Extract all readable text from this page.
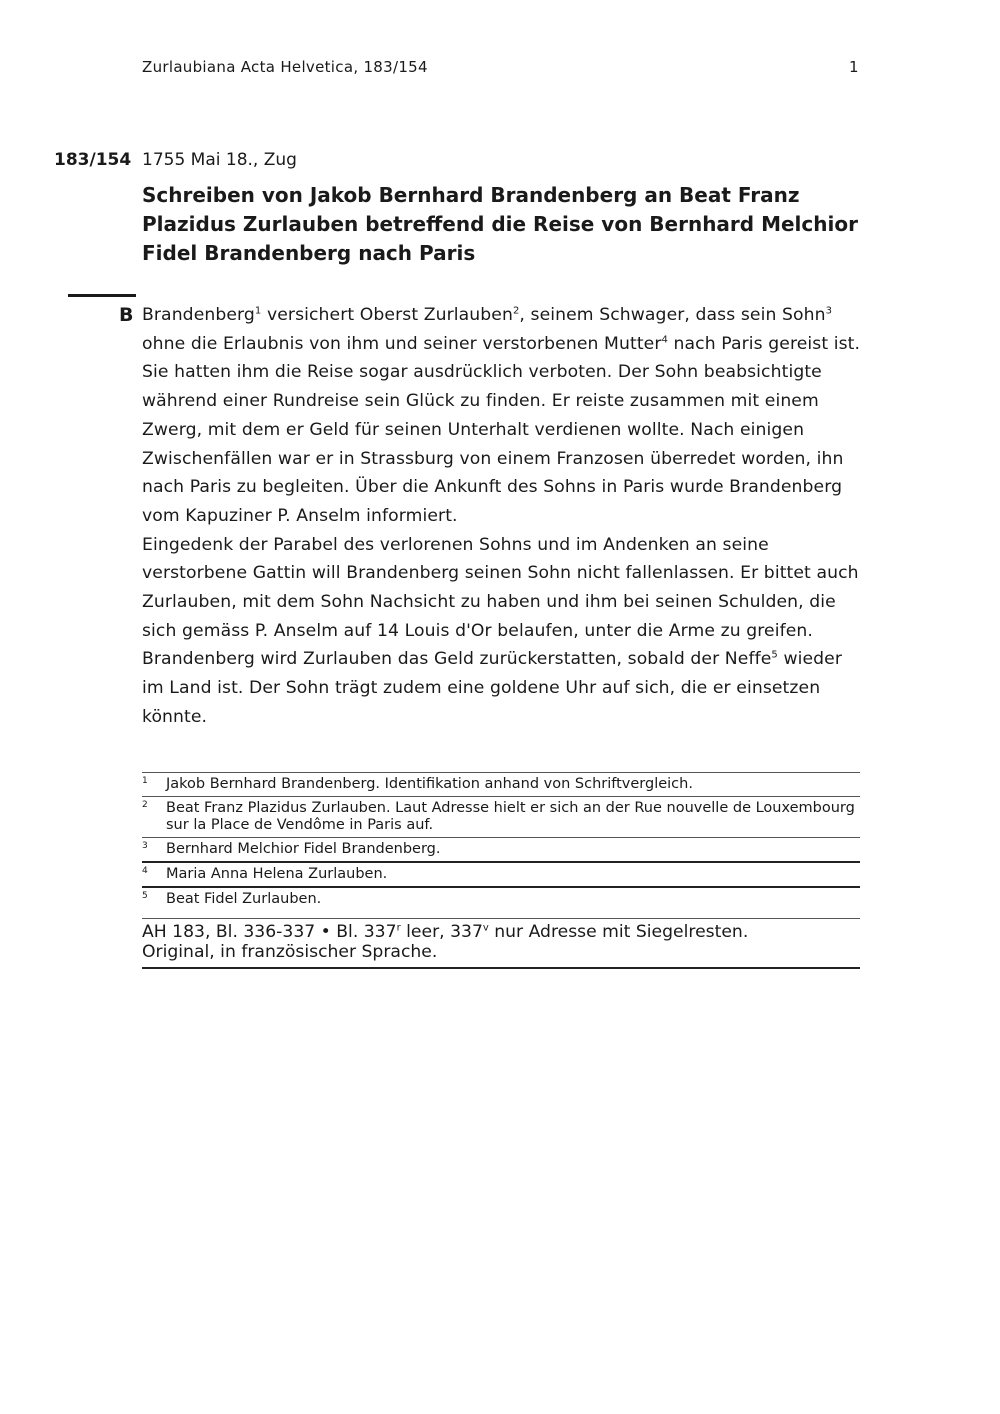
Zurlaubiana Acta Helvetica, 183/154	1
183/154 1755 Mai 18., Zug
Schreiben von Jakob Bernhard Brandenberg an Beat Franz Plazidus Zurlauben betreffend die Reise von Bernhard Melchior Fidel Brandenberg nach Paris
B Brandenberg$^1$ versichert Oberst Zurlauben$^2$, seinem Schwager, dass sein Sohn$^3$ ohne die Erlaubnis von ihm und seiner verstorbenen Mutter$^4$ nach Paris gereist ist. Sie hatten ihm die Reise sogar ausdrücklich verboten. Der Sohn beabsichtigte während einer Rundreise sein Glück zu finden. Er reiste zusammen mit einem Zwerg, mit dem er Geld für seinen Unterhalt verdienen wollte. Nach einigen Zwischenfällen war er in Strassburg von einem Franzosen überredet worden, ihn nach Paris zu begleiten. Über die Ankunft des Sohns in Paris wurde Brandenberg vom Kapuziner P. Anselm informiert.

Eingedenk der Parabel des verlorenen Sohns und im Andenken an seine verstorbene Gattin will Brandenberg seinen Sohn nicht fallenlassen. Er bittet auch Zurlauben, mit dem Sohn Nachsicht zu haben und ihm bei seinen Schulden, die sich gemäss P. Anselm auf 14 Louis d'Or belaufen, unter die Arme zu greifen. Brandenberg wird Zurlauben das Geld zurückerstatten, sobald der Neffe$^5$ wieder im Land ist. Der Sohn trägt zudem eine goldene Uhr auf sich, die er einsetzen könnte.

1	Jakob Bernhard Brandenberg. Identifikation anhand von Schriftvergleich.
2	Beat Franz Plazidus Zurlauben. Laut Adresse hielt er sich an der Rue nouvelle de Louxembourg sur la Place de Vendôme in Paris auf.
3	Bernhard Melchior Fidel Brandenberg.
4	Maria Anna Helena Zurlauben.
5	Beat Fidel Zurlauben.
AH 183, Bl. 336-337 • Bl. 337$^r$ leer, 337$^v$ nur Adresse mit Siegelresten.
Original, in französischer Sprache.
